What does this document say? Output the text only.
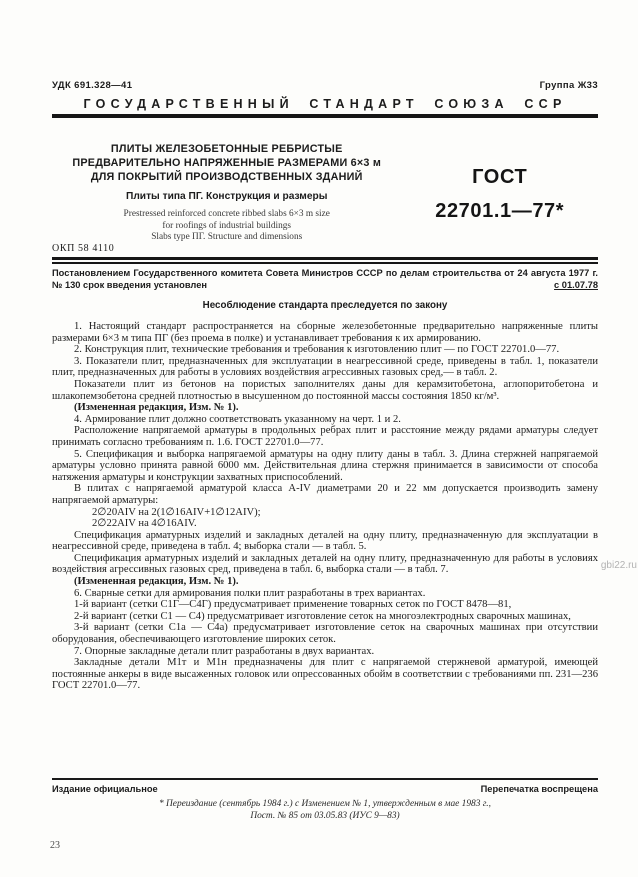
УДК 691.328—41	Группа Ж33
ГОСУДАРСТВЕННЫЙ СТАНДАРТ СОЮЗА ССР
ПЛИТЫ ЖЕЛЕЗОБЕТОННЫЕ РЕБРИСТЫЕ
ПРЕДВАРИТЕЛЬНО НАПРЯЖЕННЫЕ РАЗМЕРАМИ 6×3 м
ДЛЯ ПОКРЫТИЙ ПРОИЗВОДСТВЕННЫХ ЗДАНИЙ
Плиты типа ПГ. Конструкция и размеры
Prestressed reinforced concrete ribbed slabs 6×3 m size
for roofings of industrial buildings
Slabs type ПГ. Structure and dimensions
ГОСТ
22701.1—77*
ОКП 58 4110
Постановлением Государственного комитета Совета Министров СССР по делам строительства от 24 августа 1977 г. № 130 срок введения установлен	с 01.07.78
Несоблюдение стандарта преследуется по закону

1. Настоящий стандарт распространяется на сборные железобетонные предварительно напряженные плиты размерами 6×3 м типа ПГ (без проема в полке) и устанавливает требования к их армированию.

2. Конструкция плит, технические требования и требования к изготовлению плит — по ГОСТ 22701.0—77.

3. Показатели плит, предназначенных для эксплуатации в неагрессивной среде, приведены в табл. 1, показатели плит, предназначенных для работы в условиях воздействия агрессивных газовых сред,— в табл. 2.

Показатели плит из бетонов на пористых заполнителях даны для керамзитобетона, аглопоритобетона и шлакопемзобетона средней плотностью в высушенном до постоянной массы состояния 1850 кг/м³.

(Измененная редакция, Изм. № 1).

4. Армирование плит должно соответствовать указанному на черт. 1 и 2.

Расположение напрягаемой арматуры в продольных ребрах плит и расстояние между рядами арматуры следует принимать согласно требованиям п. 1.6. ГОСТ 22701.0—77.

5. Спецификация и выборка напрягаемой арматуры на одну плиту даны в табл. 3. Длина стержней напрягаемой арматуры условно принята равной 6000 мм. Действительная длина стержня принимается в зависимости от способа натяжения арматуры и конструкции захватных приспособлений.

В плитах с напрягаемой арматурой класса А-IV диаметрами 20 и 22 мм допускается производить замену напрягаемой арматуры:

2∅20АIV на 2(1∅16АIV+1∅12АIV);

2∅22АIV на 4∅16АIV.

Спецификация арматурных изделий и закладных деталей на одну плиту, предназначенную для эксплуатации в неагрессивной среде, приведена в табл. 4; выборка стали — в табл. 5.

Спецификация арматурных изделий и закладных деталей на одну плиту, предназначенную для работы в условиях воздействия агрессивных газовых сред, приведена в табл. 6, выборка стали — в табл. 7.

(Измененная редакция, Изм. № 1).

6. Сварные сетки для армирования полки плит разработаны в трех вариантах.

1-й вариант (сетки С1Г—С4Г) предусматривает применение товарных сеток по ГОСТ 8478—81,

2-й вариант (сетки С1 — С4) предусматривает изготовление сеток на многоэлектродных сварочных машинах,

3-й вариант (сетки С1а — С4а) предусматривает изготовление сеток на сварочных машинах при отсутствии оборудования, обеспечивающего изготовление широких сеток.

7. Опорные закладные детали плит разработаны в двух вариантах.

Закладные детали М1т и М1н предназначены для плит с напрягаемой стержневой арматурой, имеющей постоянные анкеры в виде высаженных головок или опрессованных обойм в соответствии с требованиями пп. 231—236 ГОСТ 22701.0—77.

Издание официальное	Перепечатка воспрещена
* Переиздание (сентябрь 1984 г.) с Изменением № 1, утвержденным в мае 1983 г.,
Пост. № 85 от 03.05.83 (ИУС 9—83)
23
gbi22.ru
